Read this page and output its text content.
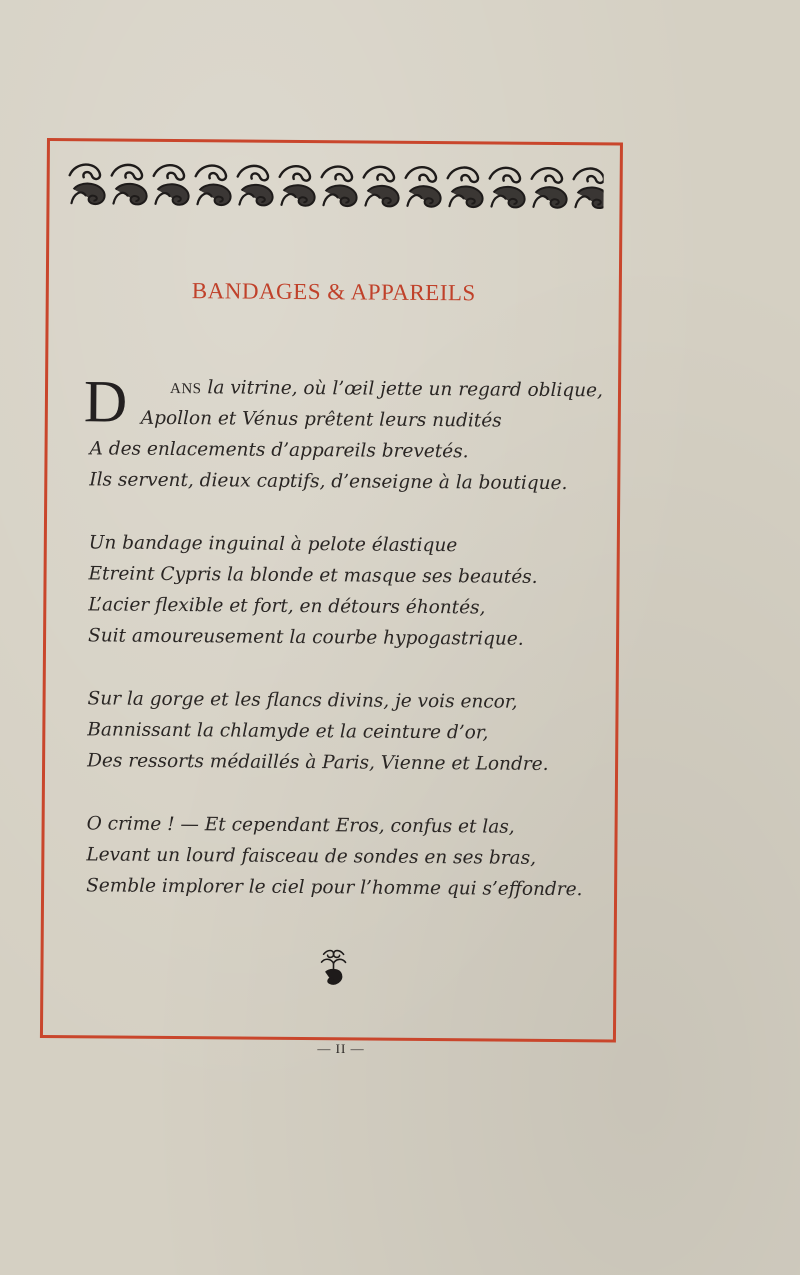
BANDAGES & APPAREILS
D	ANS la vitrine, où l’œil jette un regard oblique,
Apollon et Vénus prêtent leurs nudités
A des enlacements d’appareils brevetés.
Ils servent, dieux captifs, d’enseigne à la boutique.
Un bandage inguinal à pelote élastique
Etreint Cypris la blonde et masque ses beautés.
L’acier flexible et fort, en détours éhontés,
Suit amoureusement la courbe hypogastrique.
Sur la gorge et les flancs divins, je vois encor,
Bannissant la chlamyde et la ceinture d’or,
Des ressorts médaillés à Paris, Vienne et Londre.
O crime ! — Et cependant Eros, confus et las,
Levant un lourd faisceau de sondes en ses bras,
Semble implorer le ciel pour l’homme qui s’effondre.
— II —
